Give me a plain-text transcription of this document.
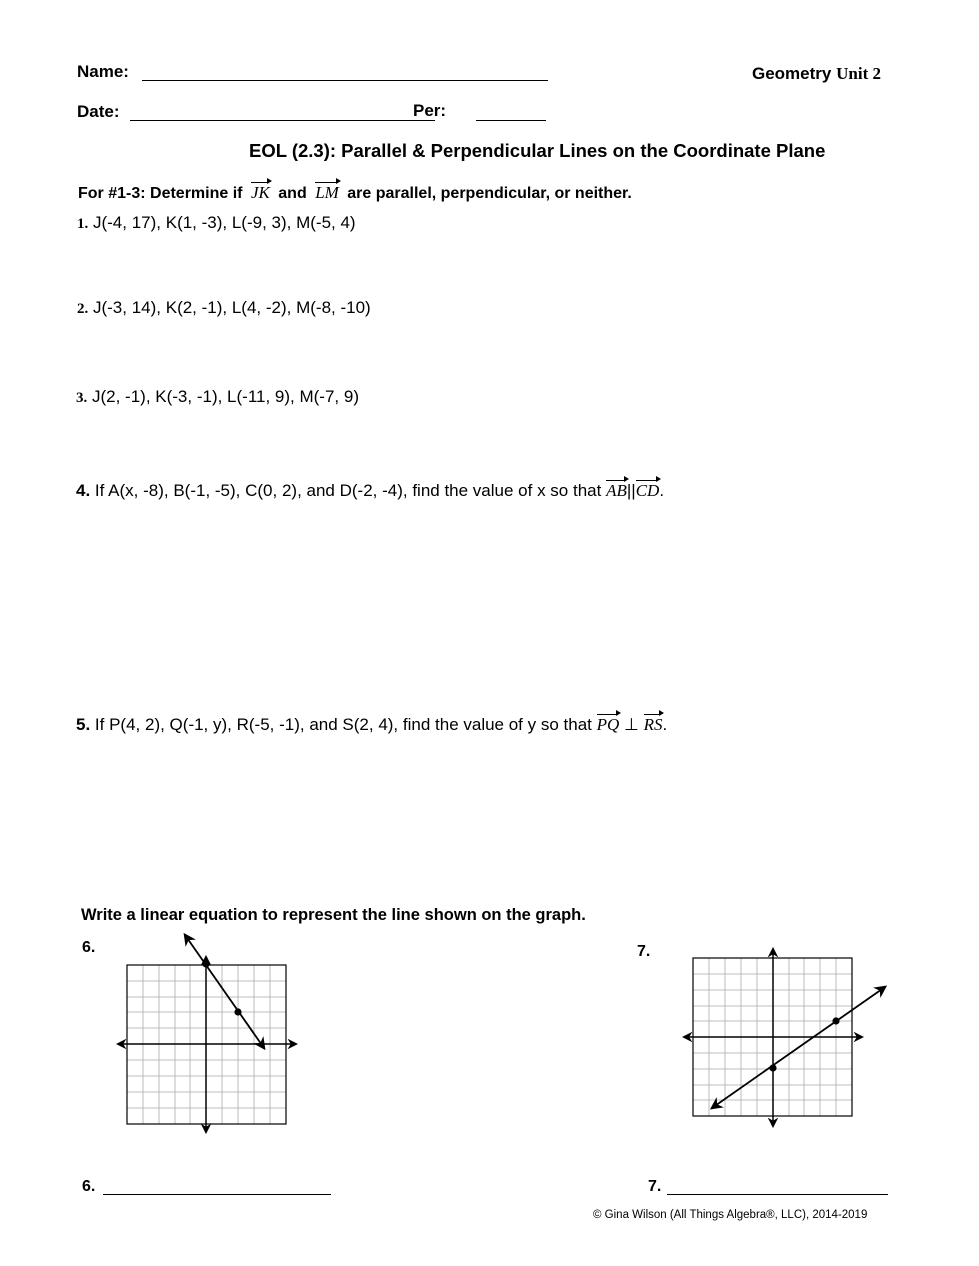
Name:	Geometry Unit 2
Date:	Per:
EOL (2.3): Parallel & Perpendicular Lines on the Coordinate Plane
For #1-3: Determine if JK and LM are parallel, perpendicular, or neither.
1. J(-4, 17), K(1, -3), L(-9, 3), M(-5, 4)
2. J(-3, 14), K(2, -1), L(4, -2), M(-8, -10)
3. J(2, -1), K(-3, -1), L(-11, 9), M(-7, 9)
4. If A(x, -8), B(-1, -5), C(0, 2), and D(-2, -4), find the value of x so that AB||CD.
5. If P(4, 2), Q(-1, y), R(-5, -1), and S(2, 4), find the value of y so that PQ ⊥ RS.
Write a linear equation to represent the line shown on the graph.
6.	7.
6.	7.
© Gina Wilson (All Things Algebra®, LLC), 2014-2019
